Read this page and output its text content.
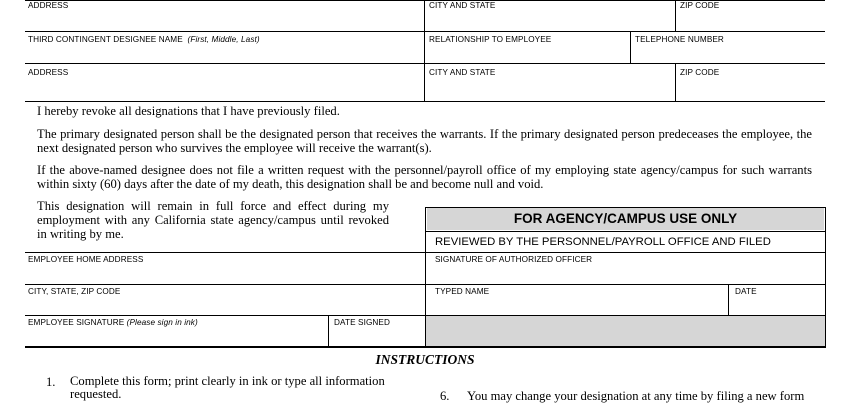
ADDRESS	CITY AND STATE	ZIP CODE
THIRD CONTINGENT DESIGNEE NAME (First, Middle, Last)	RELATIONSHIP TO EMPLOYEE	TELEPHONE NUMBER
ADDRESS	CITY AND STATE	ZIP CODE
I hereby revoke all designations that I have previously filed.
The primary designated person shall be the designated person that receives the warrants. If the primary designated person predeceases the employee, the next designated person who survives the employee will receive the warrant(s).
If the above-named designee does not file a written request with the personnel/payroll office of my employing state agency/campus for such warrants within sixty (60) days after the date of my death, this designation shall be and become null and void.
This designation will remain in full force and effect during my employment with any California state agency/campus until revoked in writing by me.
FOR AGENCY/CAMPUS USE ONLY
REVIEWED BY THE PERSONNEL/PAYROLL OFFICE AND FILED
EMPLOYEE HOME ADDRESS	SIGNATURE OF AUTHORIZED OFFICER
CITY, STATE, ZIP CODE	TYPED NAME	DATE
EMPLOYEE SIGNATURE (Please sign in ink)	DATE SIGNED
INSTRUCTIONS
1. Complete this form; print clearly in ink or type all information requested.	6. You may change your designation at any time by filing a new form
